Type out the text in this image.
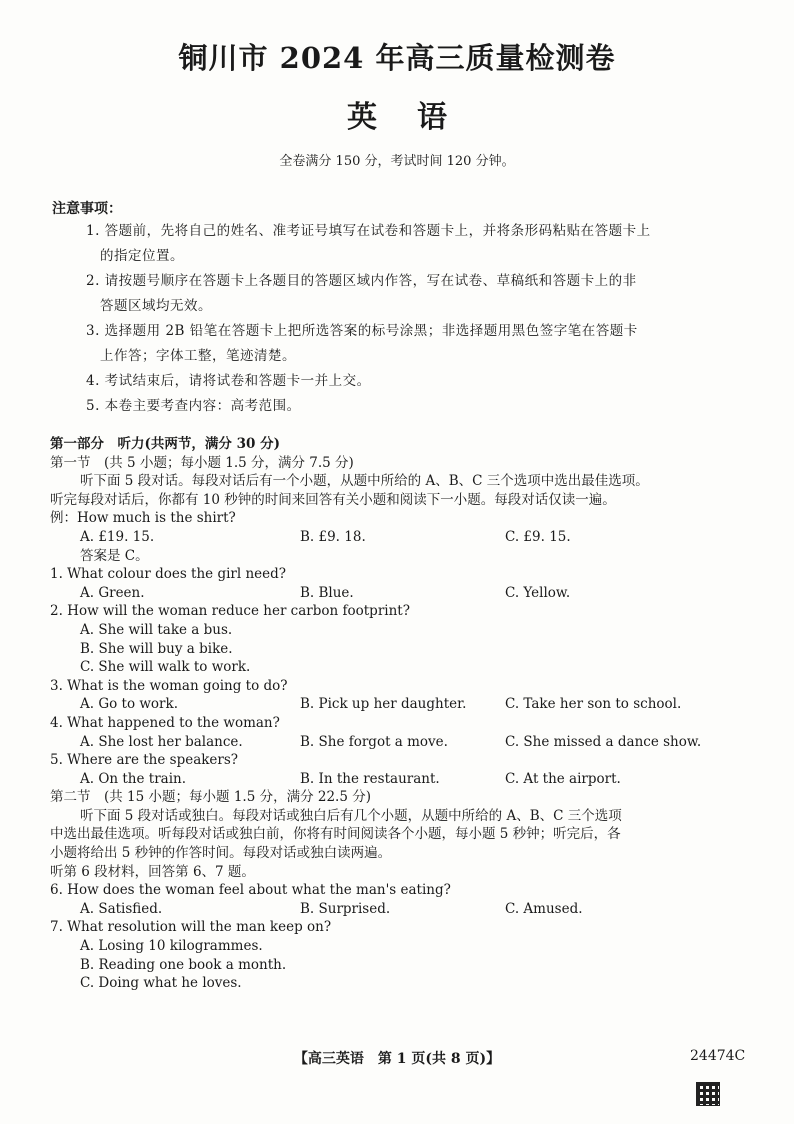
铜川市 2024 年高三质量检测卷
英语
全卷满分 150 分，考试时间 120 分钟。
注意事项：
1. 答题前，先将自己的姓名、准考证号填写在试卷和答题卡上，并将条形码粘贴在答题卡上
的指定位置。
2. 请按题号顺序在答题卡上各题目的答题区域内作答，写在试卷、草稿纸和答题卡上的非
答题区域均无效。
3. 选择题用 2B 铅笔在答题卡上把所选答案的标号涂黑；非选择题用黑色签字笔在答题卡
上作答；字体工整，笔迹清楚。
4. 考试结束后，请将试卷和答题卡一并上交。
5. 本卷主要考查内容：高考范围。
第一部分　听力(共两节，满分 30 分)
第一节　(共 5 小题；每小题 1.5 分，满分 7.5 分)
听下面 5 段对话。每段对话后有一个小题，从题中所给的 A、B、C 三个选项中选出最佳选项。
听完每段对话后，你都有 10 秒钟的时间来回答有关小题和阅读下一小题。每段对话仅读一遍。
例：How much is the shirt?
A. £19. 15.	B. £9. 18.	C. £9. 15.
答案是 C。
1. What colour does the girl need?
A. Green.	B. Blue.	C. Yellow.
2. How will the woman reduce her carbon footprint?
A. She will take a bus.
B. She will buy a bike.
C. She will walk to work.
3. What is the woman going to do?
A. Go to work.	B. Pick up her daughter.	C. Take her son to school.
4. What happened to the woman?
A. She lost her balance.	B. She forgot a move.	C. She missed a dance show.
5. Where are the speakers?
A. On the train.	B. In the restaurant.	C. At the airport.
第二节　(共 15 小题；每小题 1.5 分，满分 22.5 分)
听下面 5 段对话或独白。每段对话或独白后有几个小题，从题中所给的 A、B、C 三个选项
中选出最佳选项。听每段对话或独白前，你将有时间阅读各个小题，每小题 5 秒钟；听完后，各
小题将给出 5 秒钟的作答时间。每段对话或独白读两遍。
听第 6 段材料，回答第 6、7 题。
6. How does the woman feel about what the man's eating?
A. Satisfied.	B. Surprised.	C. Amused.
7. What resolution will the man keep on?
A. Losing 10 kilogrammes.
B. Reading one book a month.
C. Doing what he loves.
【高三英语　第 1 页(共 8 页)】	24474C
